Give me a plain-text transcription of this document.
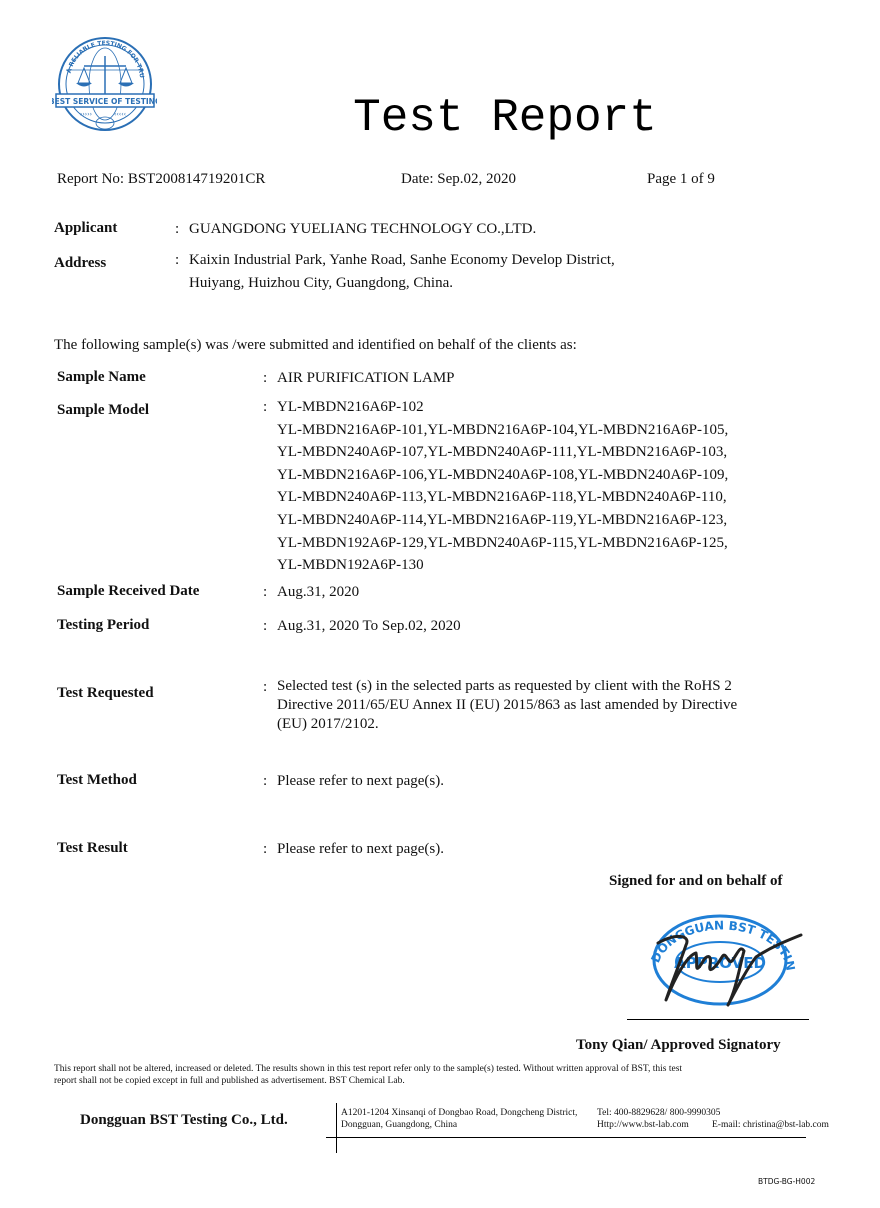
A RELIABLE TESTING FOR TRU
BEST SERVICE OF TESTING
›››››	‹‹‹‹‹	Test Report
Report No: BST200814719201CR	Date: Sep.02, 2020	Page 1 of 9
Applicant	: GUANGDONG YUELIANG TECHNOLOGY CO.,LTD.
Address	: Kaixin Industrial Park, Yanhe Road, Sanhe Economy Develop District,
Huiyang, Huizhou City, Guangdong, China.
The following sample(s) was /were submitted and identified on behalf of the clients as:
Sample Name	: AIR PURIFICATION LAMP
Sample Model	: YL-MBDN216A6P-102
YL-MBDN216A6P-101,YL-MBDN216A6P-104,YL-MBDN216A6P-105,
YL-MBDN240A6P-107,YL-MBDN240A6P-111,YL-MBDN216A6P-103,
YL-MBDN216A6P-106,YL-MBDN240A6P-108,YL-MBDN240A6P-109,
YL-MBDN240A6P-113,YL-MBDN216A6P-118,YL-MBDN240A6P-110,
YL-MBDN240A6P-114,YL-MBDN216A6P-119,YL-MBDN216A6P-123,
YL-MBDN192A6P-129,YL-MBDN240A6P-115,YL-MBDN216A6P-125,
YL-MBDN192A6P-130
Sample Received Date	: Aug.31, 2020
Testing Period	: Aug.31, 2020 To Sep.02, 2020
Test Requested	: Selected test (s) in the selected parts as requested by client with the RoHS 2
Directive 2011/65/EU Annex II (EU) 2015/863 as last amended by Directive
(EU) 2017/2102.
Test Method	: Please refer to next page(s).
Test Result	: Please refer to next page(s).
Signed for and on behalf of
DONGGUAN BST TESTIN
APPROVED
Tony Qian/ Approved Signatory
This report shall not be altered, increased or deleted. The results shown in this test report refer only to the sample(s) tested. Without written approval of BST, this test
report shall not be copied except in full and published as advertisement. BST Chemical Lab.
Dongguan BST Testing Co., Ltd.	A1201-1204 Xinsanqi of Dongbao Road, Dongcheng District,
Dongguan, Guangdong, China
Tel: 400-8829628/ 800-9990305
Http://www.bst-lab.com E-mail: christina@bst-lab.com
BTDG-BG-H002
